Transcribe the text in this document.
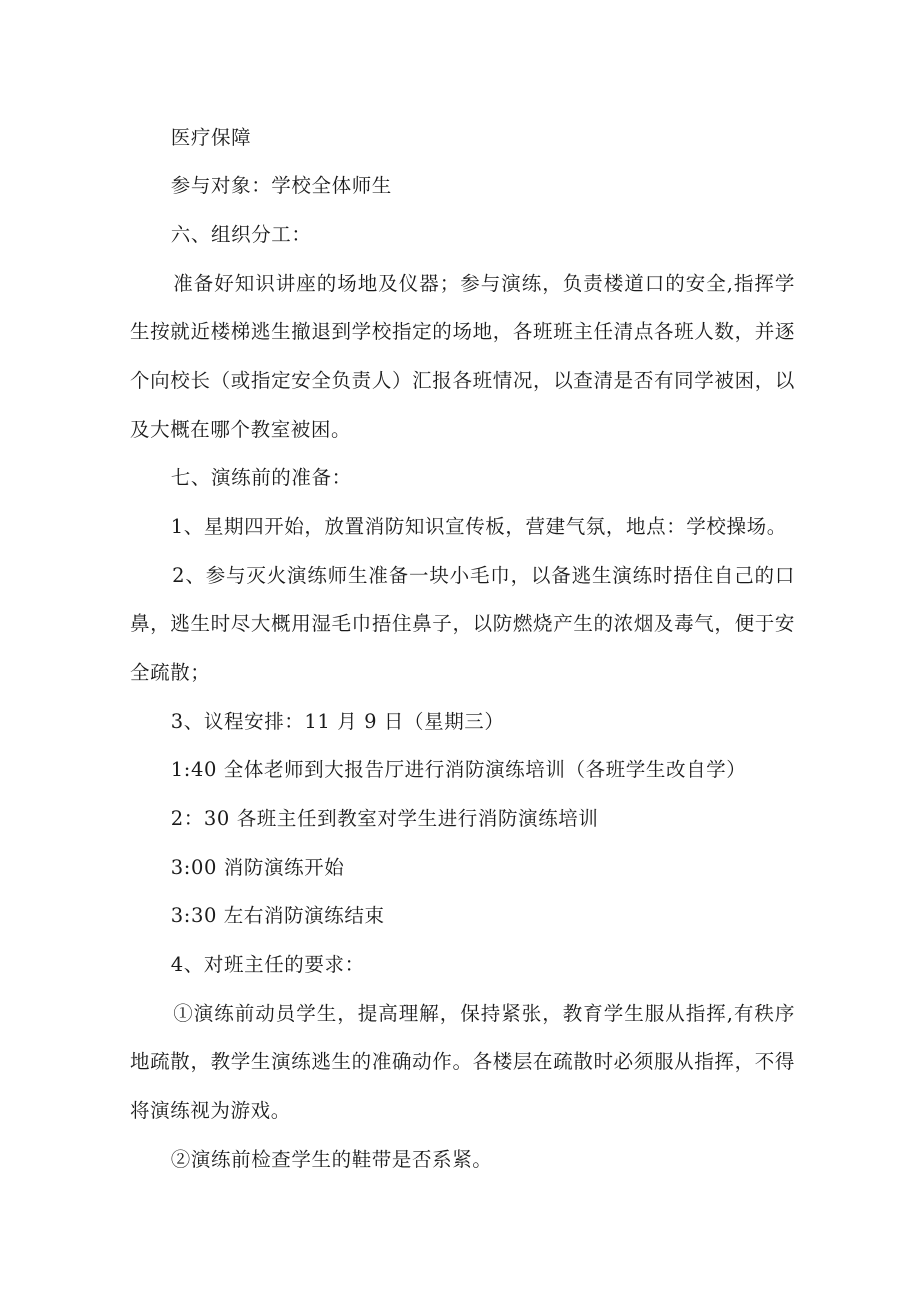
医疗保障
参与对象：学校全体师生
六、组织分工：
准备好知识讲座的场地及仪器；参与演练，负责楼道口的安全,指挥学
生按就近楼梯逃生撤退到学校指定的场地，各班班主任清点各班人数，并逐
个向校长（或指定安全负责人）汇报各班情况，以查清是否有同学被困，以
及大概在哪个教室被困。
七、演练前的准备：
1、星期四开始，放置消防知识宣传板，营建气氛，地点：学校操场。
2、参与灭火演练师生准备一块小毛巾，以备逃生演练时捂住自己的口
鼻，逃生时尽大概用湿毛巾捂住鼻子，以防燃烧产生的浓烟及毒气，便于安
全疏散；
3、议程安排：11 月 9 日（星期三）
1:40 全体老师到大报告厅进行消防演练培训（各班学生改自学）
2：30 各班主任到教室对学生进行消防演练培训
3:00 消防演练开始
3:30 左右消防演练结束
4、对班主任的要求：
①演练前动员学生，提高理解，保持紧张，教育学生服从指挥,有秩序
地疏散，教学生演练逃生的准确动作。各楼层在疏散时必须服从指挥，不得
将演练视为游戏。
②演练前检查学生的鞋带是否系紧。
